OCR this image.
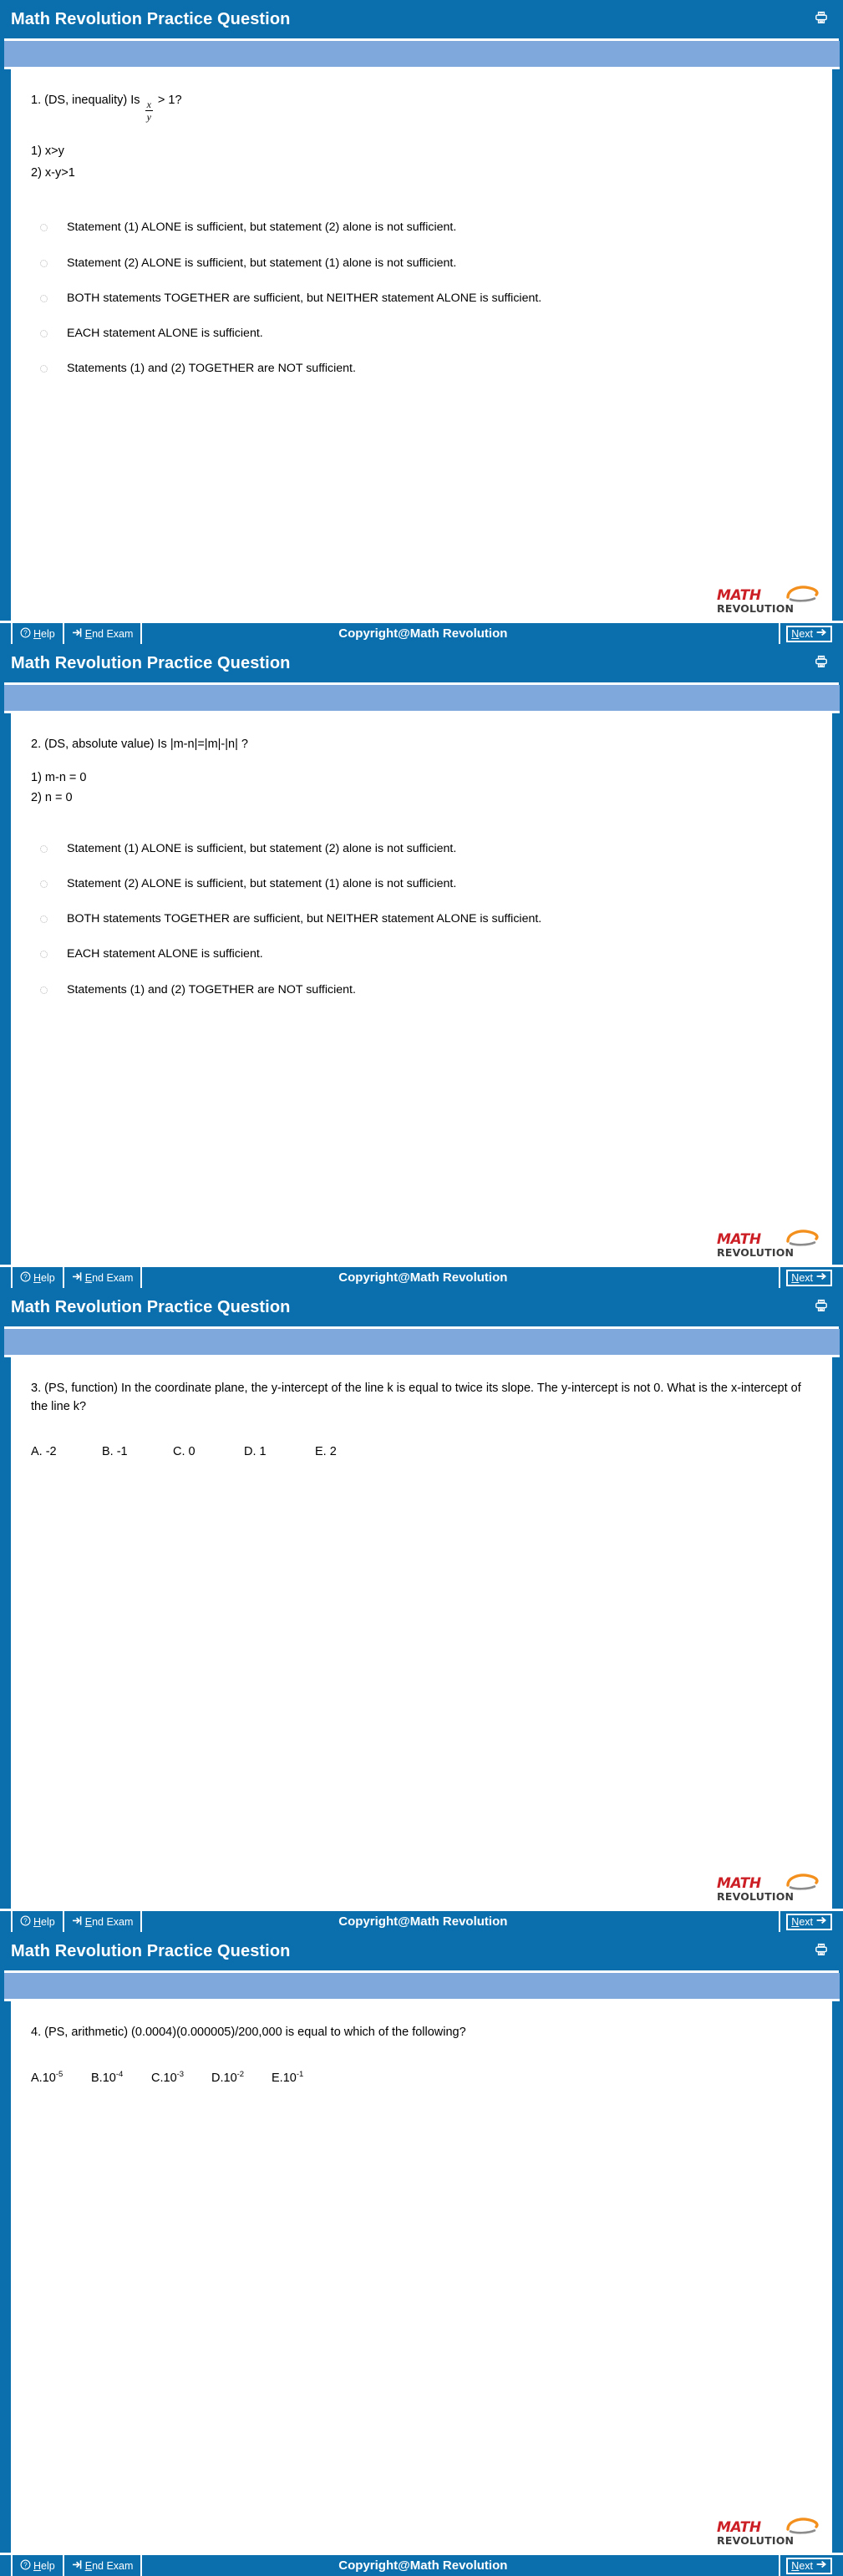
Math Revolution Practice Question
1. (DS, inequality) Is $\frac{x}{y} > 1$?
1) x>y
2) x-y>1
Statement (1) ALONE is sufficient, but statement (2) alone is not sufficient.
Statement (2) ALONE is sufficient, but statement (1) alone is not sufficient.
BOTH statements TOGETHER are sufficient, but NEITHER statement ALONE is sufficient.
EACH statement ALONE is sufficient.
Statements (1) and (2) TOGETHER are NOT sufficient.
MATH
REVOLUTION
? Help	End Exam	Copyright@Math Revolution	Next
Math Revolution Practice Question
2. (DS, absolute value) Is |m-n|=|m|-|n| ?
1) m-n = 0
2) n = 0
Statement (1) ALONE is sufficient, but statement (2) alone is not sufficient.
Statement (2) ALONE is sufficient, but statement (1) alone is not sufficient.
BOTH statements TOGETHER are sufficient, but NEITHER statement ALONE is sufficient.
EACH statement ALONE is sufficient.
Statements (1) and (2) TOGETHER are NOT sufficient.
MATH
REVOLUTION
? Help	End Exam	Copyright@Math Revolution	Next
Math Revolution Practice Question
3. (PS, function) In the coordinate plane, the y-intercept of the line k is equal to twice its slope. The y-intercept is not 0. What is the x-intercept of the line k?
A. -2	B. -1	C. 0	D. 1	E. 2
MATH
REVOLUTION
? Help	End Exam	Copyright@Math Revolution	Next
Math Revolution Practice Question
4. (PS, arithmetic) (0.0004)(0.000005)/200,000 is equal to which of the following?
$A.10^{-5}$	$B.10^{-4}$	$C.10^{-3}$	$D.10^{-2}$	$E.10^{-1}$
MATH
REVOLUTION
? Help	End Exam	Copyright@Math Revolution	Next
